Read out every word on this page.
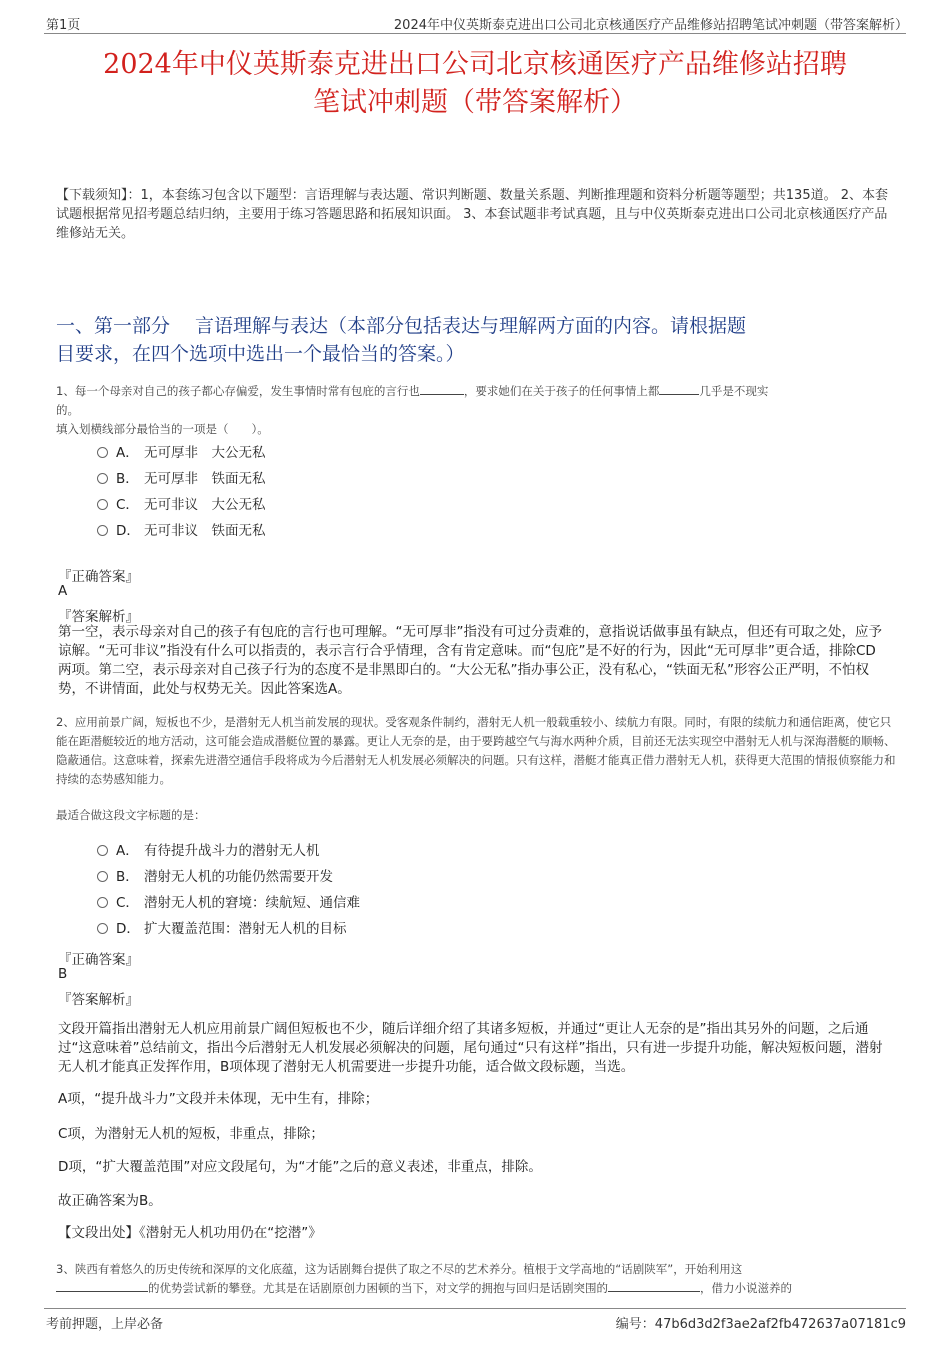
第1页	2024年中仪英斯泰克进出口公司北京核通医疗产品维修站招聘笔试冲刺题（带答案解析）
2024年中仪英斯泰克进出口公司北京核通医疗产品维修站招聘
笔试冲刺题（带答案解析）
【下载须知】：1，本套练习包含以下题型：言语理解与表达题、常识判断题、数量关系题、判断推理题和资料分析题等题型；共135道。 2、本套试题根据常见招考题总结归纳，主要用于练习答题思路和拓展知识面。 3、本套试题非考试真题，且与中仪英斯泰克进出口公司北京核通医疗产品维修站无关。
一、第一部分　 言语理解与表达（本部分包括表达与理解两方面的内容。请根据题
目要求，在四个选项中选出一个最恰当的答案。）
1、每一个母亲对自己的孩子都心存偏爱，发生事情时常有包庇的言行也	，要求她们在关于孩子的任何事情上都	几乎是不现实
的。
填入划横线部分最恰当的一项是（　　）。
A． 无可厚非　大公无私
B． 无可厚非　铁面无私
C． 无可非议　大公无私
D． 无可非议　铁面无私
『正确答案』
A
『答案解析』
第一空，表示母亲对自己的孩子有包庇的言行也可理解。“无可厚非”指没有可过分责难的，意指说话做事虽有缺点，但还有可取之处，应予谅解。“无可非议”指没有什么可以指责的，表示言行合乎情理，含有肯定意味。而“包庇”是不好的行为，因此“无可厚非”更合适，排除CD两项。第二空，表示母亲对自己孩子行为的态度不是非黑即白的。“大公无私”指办事公正，没有私心，“铁面无私”形容公正严明，不怕权势，不讲情面，此处与权势无关。因此答案选A。
2、应用前景广阔，短板也不少，是潜射无人机当前发展的现状。受客观条件制约，潜射无人机一般载重较小、续航力有限。同时，有限的续航力和通信距离，使它只能在距潜艇较近的地方活动，这可能会造成潜艇位置的暴露。更让人无奈的是，由于要跨越空气与海水两种介质，目前还无法实现空中潜射无人机与深海潜艇的顺畅、隐蔽通信。这意味着，探索先进潜空通信手段将成为今后潜射无人机发展必须解决的问题。只有这样，潜艇才能真正借力潜射无人机，获得更大范围的情报侦察能力和持续的态势感知能力。
最适合做这段文字标题的是：
A． 有待提升战斗力的潜射无人机
B． 潜射无人机的功能仍然需要开发
C． 潜射无人机的窘境：续航短、通信难
D． 扩大覆盖范围：潜射无人机的目标
『正确答案』
B
『答案解析』
文段开篇指出潜射无人机应用前景广阔但短板也不少，随后详细介绍了其诸多短板，并通过“更让人无奈的是”指出其另外的问题，之后通过“这意味着”总结前文，指出今后潜射无人机发展必须解决的问题，尾句通过“只有这样”指出，只有进一步提升功能，解决短板问题，潜射无人机才能真正发挥作用，B项体现了潜射无人机需要进一步提升功能，适合做文段标题，当选。
A项，“提升战斗力”文段并未体现，无中生有，排除；
C项，为潜射无人机的短板，非重点，排除；
D项，“扩大覆盖范围”对应文段尾句，为“才能”之后的意义表述，非重点，排除。
故正确答案为B。
【文段出处】《潜射无人机功用仍在“挖潜”》
3、陕西有着悠久的历史传统和深厚的文化底蕴，这为话剧舞台提供了取之不尽的艺术养分。植根于文学高地的“话剧陕军”，开始利用这
的优势尝试新的攀登。尤其是在话剧原创力困顿的当下，对文学的拥抱与回归是话剧突围的	，借力小说滋养的
考前押题，上岸必备	编号：47b6d3d2f3ae2af2fb472637a07181c9
